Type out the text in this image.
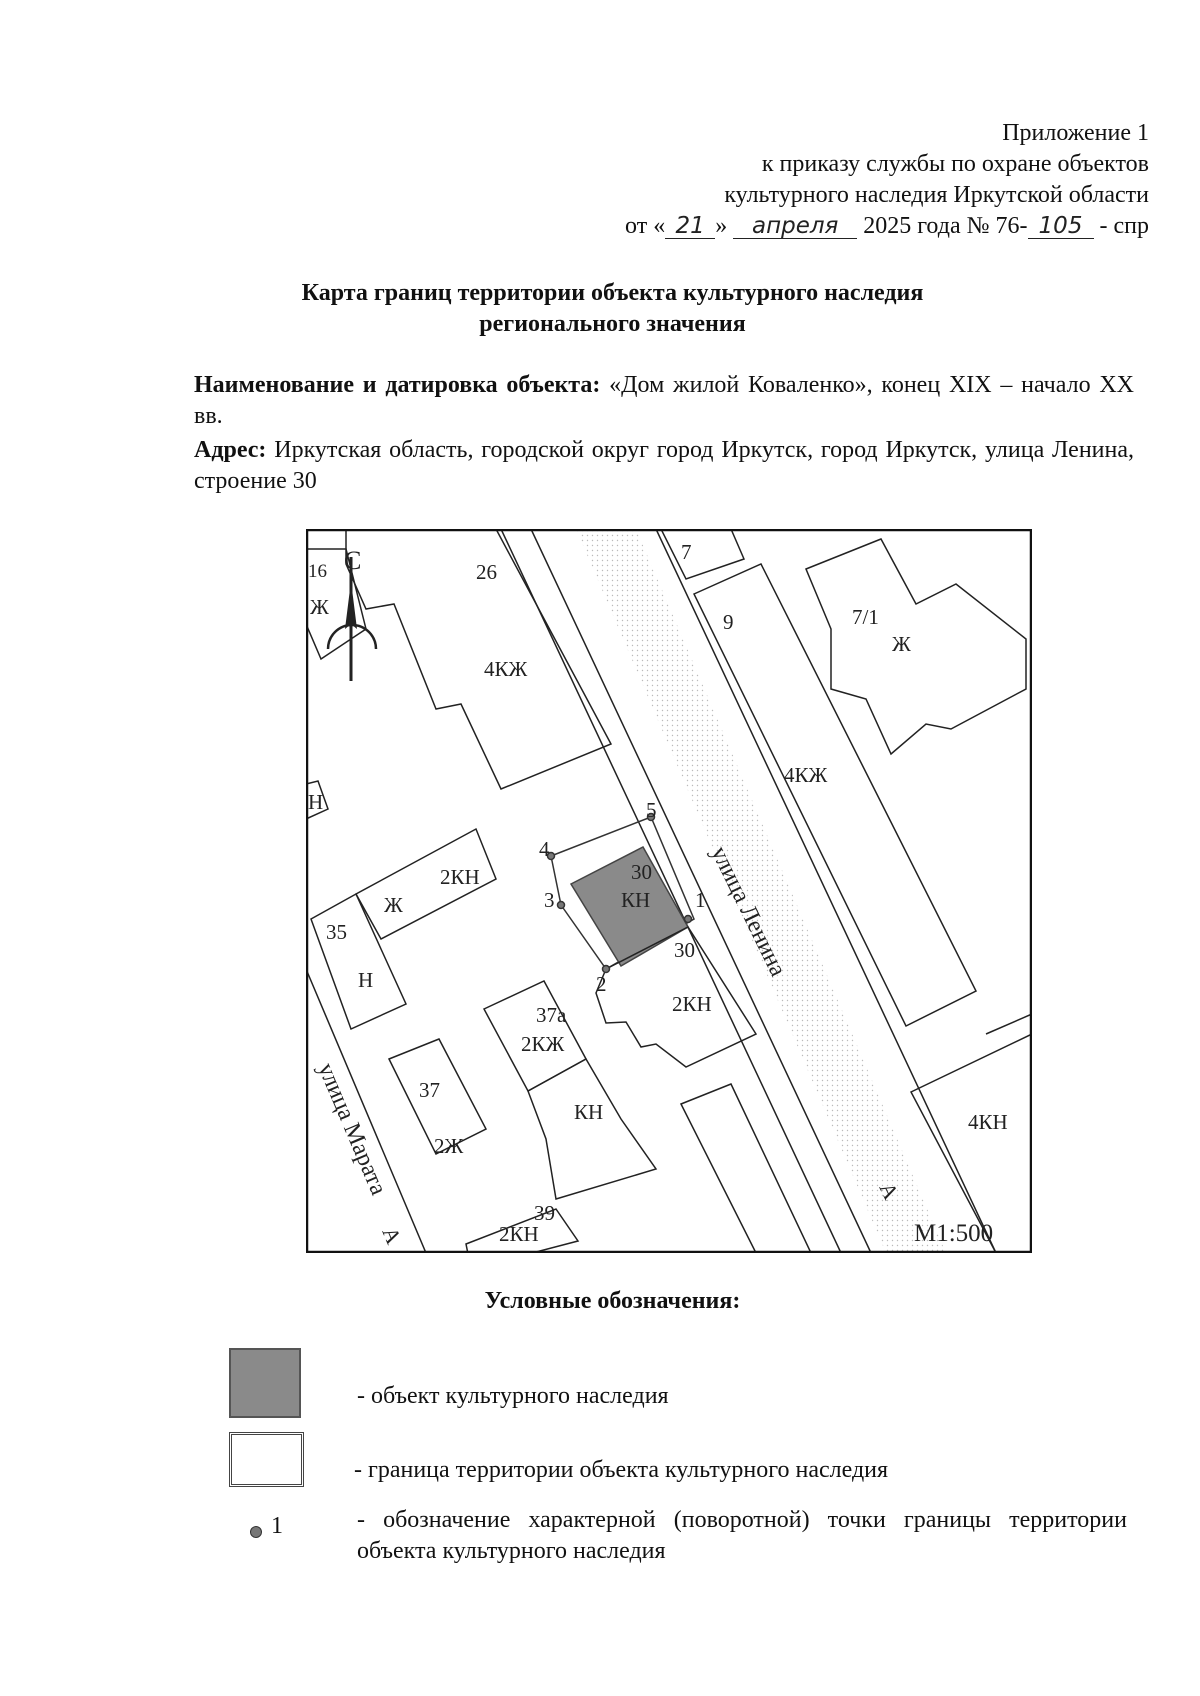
Приложение 1
к приказу службы по охране объектов
культурного наследия Иркутской области
от « 21 » апреля 2025 года № 76- 105 - спр
Карта границ территории объекта культурного наследия
регионального значения

Наименование и датировка объекта: «Дом жилой Коваленко», конец XIX – начало XX вв.

Адрес: Иркутская область, городской округ город Иркутск, город Иркутск, улица Ленина, строение 30

С
1
2
3
4
5
16
Ж
26
4КЖ
7
9	7/1
Ж
4КЖ
Н
35
Н
Ж
2КН	30
КН
30
2КН
37а
2КЖ
КН
37
2Ж
39
2КН
4КН
улица Ленина
улица Марата
А
А
М1:500
Условные обозначения:
- объект культурного наследия
- граница территории объекта культурного наследия
1	- обозначение характерной (поворотной) точки границы территории объекта культурного наследия
